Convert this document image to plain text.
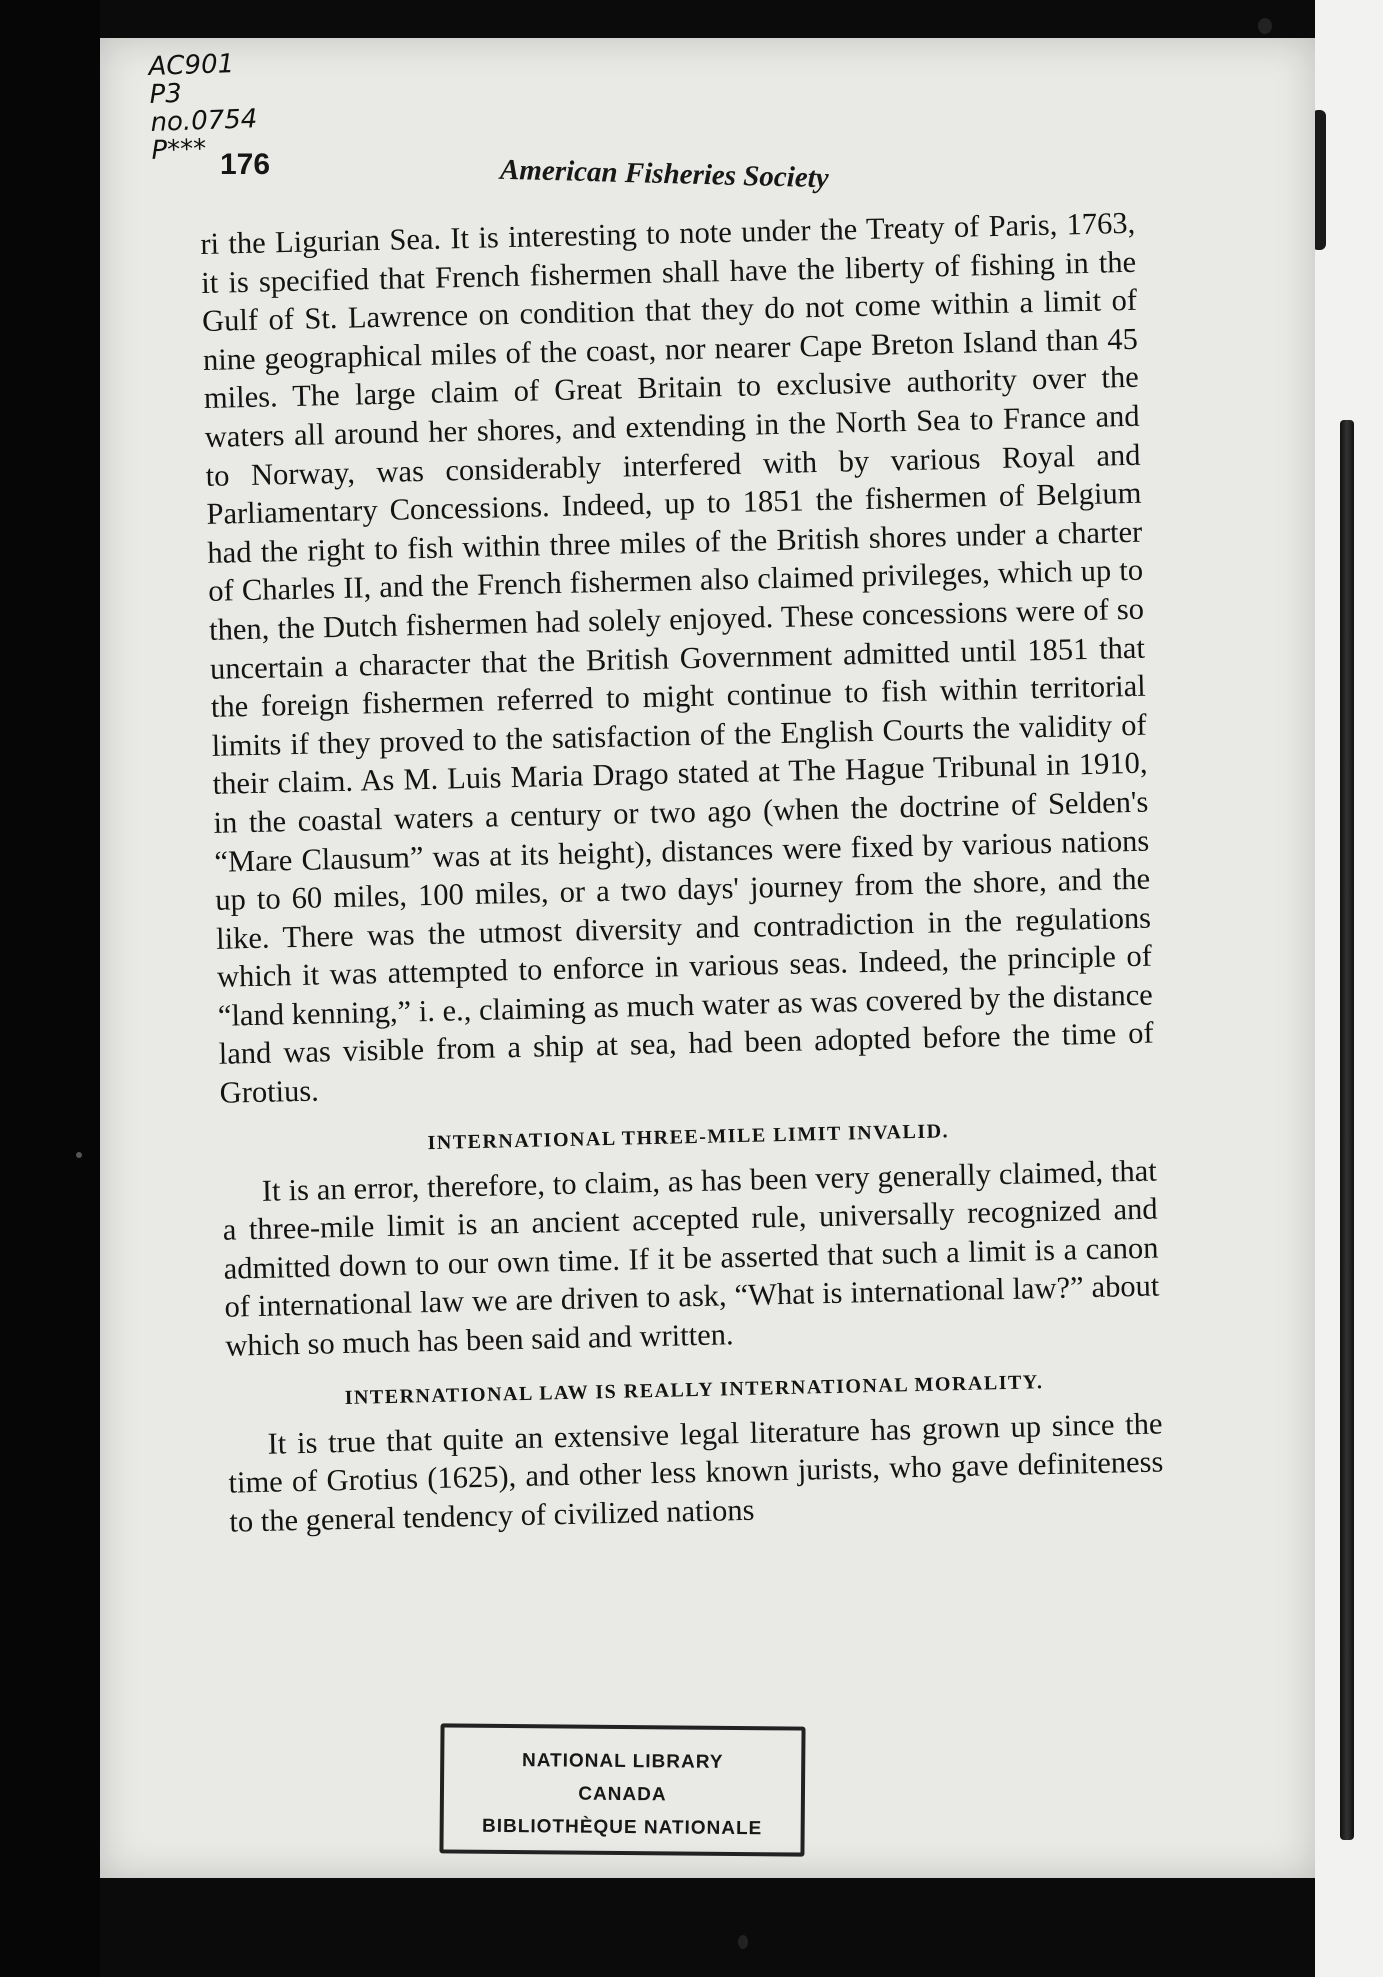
AC901
P3
no.0754
P*** 176	American Fisheries Society

ri the Ligurian Sea. It is interesting to note under the Treaty of Paris, 1763, it is specified that French fishermen shall have the liberty of fishing in the Gulf of St. Lawrence on condition that they do not come within a limit of nine geographical miles of the coast, nor nearer Cape Breton Island than 45 miles. The large claim of Great Britain to exclusive authority over the waters all around her shores, and extending in the North Sea to France and to Norway, was considerably interfered with by various Royal and Parliamentary Concessions. Indeed, up to 1851 the fishermen of Belgium had the right to fish within three miles of the British shores under a charter of Charles II, and the French fishermen also claimed privileges, which up to then, the Dutch fishermen had solely enjoyed. These concessions were of so uncertain a character that the British Government admitted until 1851 that the foreign fishermen referred to might continue to fish within territorial limits if they proved to the satisfaction of the English Courts the validity of their claim. As M. Luis Maria Drago stated at The Hague Tribunal in 1910, in the coastal waters a century or two ago (when the doctrine of Selden's “Mare Clausum” was at its height), distances were fixed by various nations up to 60 miles, 100 miles, or a two days' journey from the shore, and the like. There was the utmost diversity and contradiction in the regulations which it was attempted to enforce in various seas. Indeed, the principle of “land kenning,” i. e., claiming as much water as was covered by the distance land was visible from a ship at sea, had been adopted before the time of Grotius.

INTERNATIONAL THREE-MILE LIMIT INVALID.

It is an error, therefore, to claim, as has been very generally claimed, that a three-mile limit is an ancient accepted rule, universally recognized and admitted down to our own time. If it be asserted that such a limit is a canon of international law we are driven to ask, “What is international law?” about which so much has been said and written.

INTERNATIONAL LAW IS REALLY INTERNATIONAL MORALITY.

It is true that quite an extensive legal literature has grown up since the time of Grotius (1625), and other less known jurists, who gave definiteness to the general tendency of civilized nations

NATIONAL LIBRARY
CANADA
BIBLIOTHÈQUE NATIONALE
